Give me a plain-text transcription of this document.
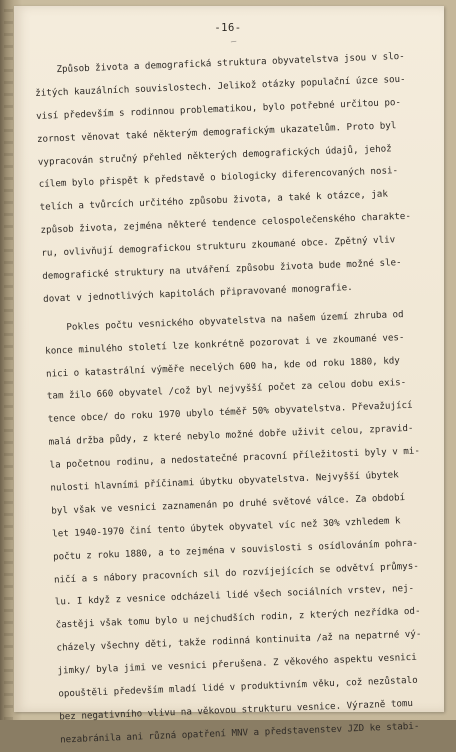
-16-
—
Způsob života a demografická struktura obyvatelstva jsou v slo-
žitých kauzálních souvislostech. Jelikož otázky populační úzce sou-
visí především s rodinnou problematikou, bylo potřebné určitou po-
zornost věnovat také některým demografickým ukazatelům. Proto byl
vypracován stručný přehled některých demografických údajů, jehož
cílem bylo přispět k představě o biologicky diferencovaných nosi-
telích a tvůrcích určitého způsobu života, a také k otázce, jak
způsob života, zejména některé tendence celospolečenského charakte-
ru, ovlivňují demografickou strukturu zkoumané obce. Zpětný vliv
demografické struktury na utváření způsobu života bude možné sle-
dovat v jednotlivých kapitolách připravované monografie.
Pokles počtu vesnického obyvatelstva na našem území zhruba od
konce minulého století lze konkrétně pozorovat i ve zkoumané ves-
nici o katastrální výměře necelých 600 ha, kde od roku 1880, kdy
tam žilo 660 obyvatel /což byl nejvyšší počet za celou dobu exis-
tence obce/ do roku 1970 ubylo téměř 50% obyvatelstva. Převažující
malá držba půdy, z které nebylo možné dobře uživit celou, zpravid-
la početnou rodinu, a nedostatečné pracovní příležitosti byly v mi-
nulosti hlavními příčinami úbytku obyvatelstva. Nejvyšší úbytek
byl však ve vesnici zaznamenán po druhé světové válce. Za období
let 1940-1970 činí tento úbytek obyvatel víc než 30% vzhledem k
počtu z roku 1880, a to zejména v souvislosti s osídlováním pohra-
ničí a s nábory pracovních sil do rozvíjejících se odvětví průmys-
lu. I když z vesnice odcházeli lidé všech sociálních vrstev, nej-
častěji však tomu bylo u nejchudších rodin, z kterých nezřídka od-
cházely všechny děti, takže rodinná kontinuita /až na nepatrné vý-
jimky/ byla jimi ve vesnici přerušena. Z věkového aspektu vesnici
opouštěli především mladí lidé v produktivním věku, což nezůstalo
bez negativního vlivu na věkovou strukturu vesnice. Výrazně tomu
nezabránila ani různá opatření MNV a představenstev JZD ke stabi-
